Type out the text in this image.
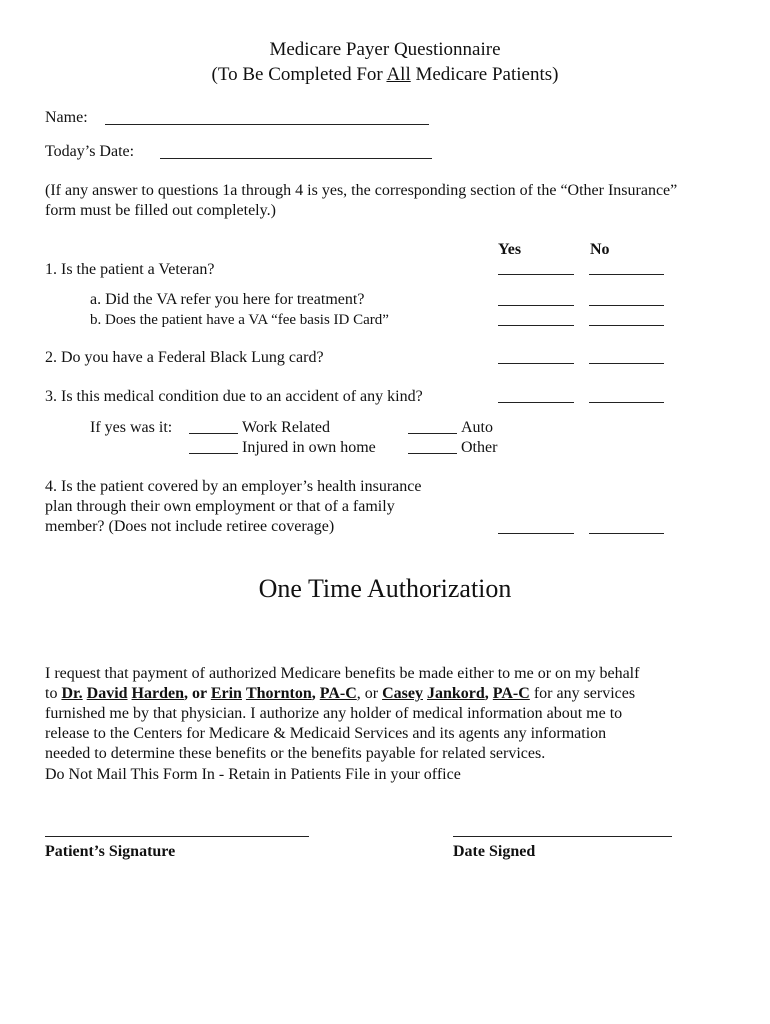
Medicare Payer Questionnaire
(To Be Completed For All Medicare Patients)
Name:
Today’s Date:
(If any answer to questions 1a through 4 is yes, the corresponding section of the “Other Insurance” form must be filled out completely.)
Yes	No
1. Is the patient a Veteran?
a. Did the VA refer you here for treatment?
b. Does the patient have a VA “fee basis ID Card”
2. Do you have a Federal Black Lung card?
3. Is this medical condition due to an accident of any kind?
If yes was it:	Work Related	Auto
Injured in own home	Other
4. Is the patient covered by an employer’s health insurance
plan through their own employment or that of a family
member? (Does not include retiree coverage)
One Time Authorization
I request that payment of authorized Medicare benefits be made either to me or on my behalf
to Dr. David Harden, or Erin Thornton, PA-C, or Casey Jankord, PA-C for any services
furnished me by that physician. I authorize any holder of medical information about me to
release to the Centers for Medicare & Medicaid Services and its agents any information
needed to determine these benefits or the benefits payable for related services.
Do Not Mail This Form In - Retain in Patients File in your office
Patient’s Signature	Date Signed
